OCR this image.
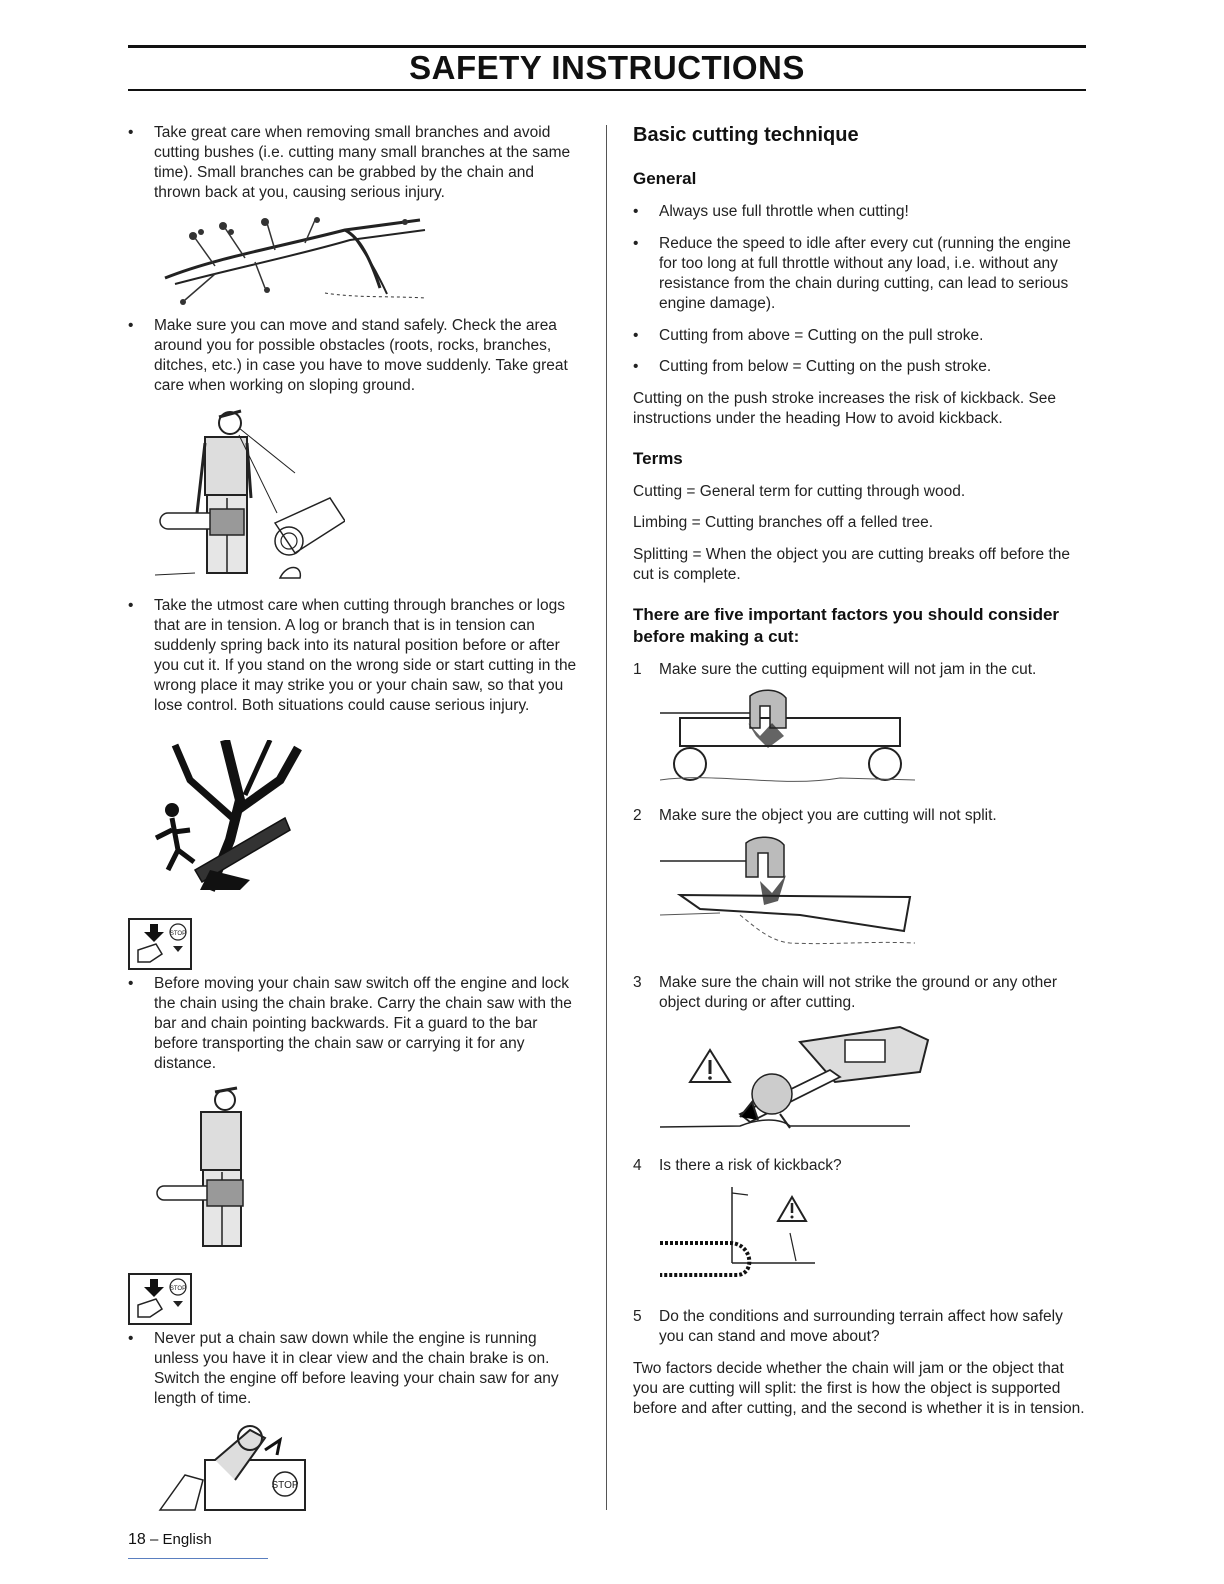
SAFETY INSTRUCTIONS
•	Take great care when removing small branches and avoid cutting bushes (i.e. cutting many small branches at the same time). Small branches can be grabbed by the chain and thrown back at you, causing serious injury.
•	Make sure you can move and stand safely. Check the area around you for possible obstacles (roots, rocks, branches, ditches, etc.) in case you have to move suddenly. Take great care when working on sloping ground.
•	Take the utmost care when cutting through branches or logs that are in tension. A log or branch that is in tension can suddenly spring back into its natural position before or after you cut it. If you stand on the wrong side or start cutting in the wrong place it may strike you or your chain saw, so that you lose control. Both situations could cause serious injury.
STOP
•	Before moving your chain saw switch off the engine and lock the chain using the chain brake. Carry the chain saw with the bar and chain pointing backwards. Fit a guard to the bar before transporting the chain saw or carrying it for any distance.
STOP
•	Never put a chain saw down while the engine is running unless you have it in clear view and the chain brake is on. Switch the engine off before leaving your chain saw for any length of time.
STOP
Basic cutting technique
General
•	Always use full throttle when cutting!
•	Reduce the speed to idle after every cut (running the engine for too long at full throttle without any load, i.e. without any resistance from the chain during cutting, can lead to serious engine damage).
•	Cutting from above = Cutting on the pull stroke.
•	Cutting from below = Cutting on the push stroke.
Cutting on the push stroke increases the risk of kickback. See instructions under the heading How to avoid kickback.
Terms
Cutting = General term for cutting through wood.
Limbing = Cutting branches off a felled tree.
Splitting = When the object you are cutting breaks off before the cut is complete.
There are five important factors you should consider before making a cut:
1	Make sure the cutting equipment will not jam in the cut.
2	Make sure the object you are cutting will not split.
3	Make sure the chain will not strike the ground or any other object during or after cutting.
4	Is there a risk of kickback?
5	Do the conditions and surrounding terrain affect how safely you can stand and move about?
Two factors decide whether the chain will jam or the object that you are cutting will split: the first is how the object is supported before and after cutting, and the second is whether it is in tension.
18 – English
